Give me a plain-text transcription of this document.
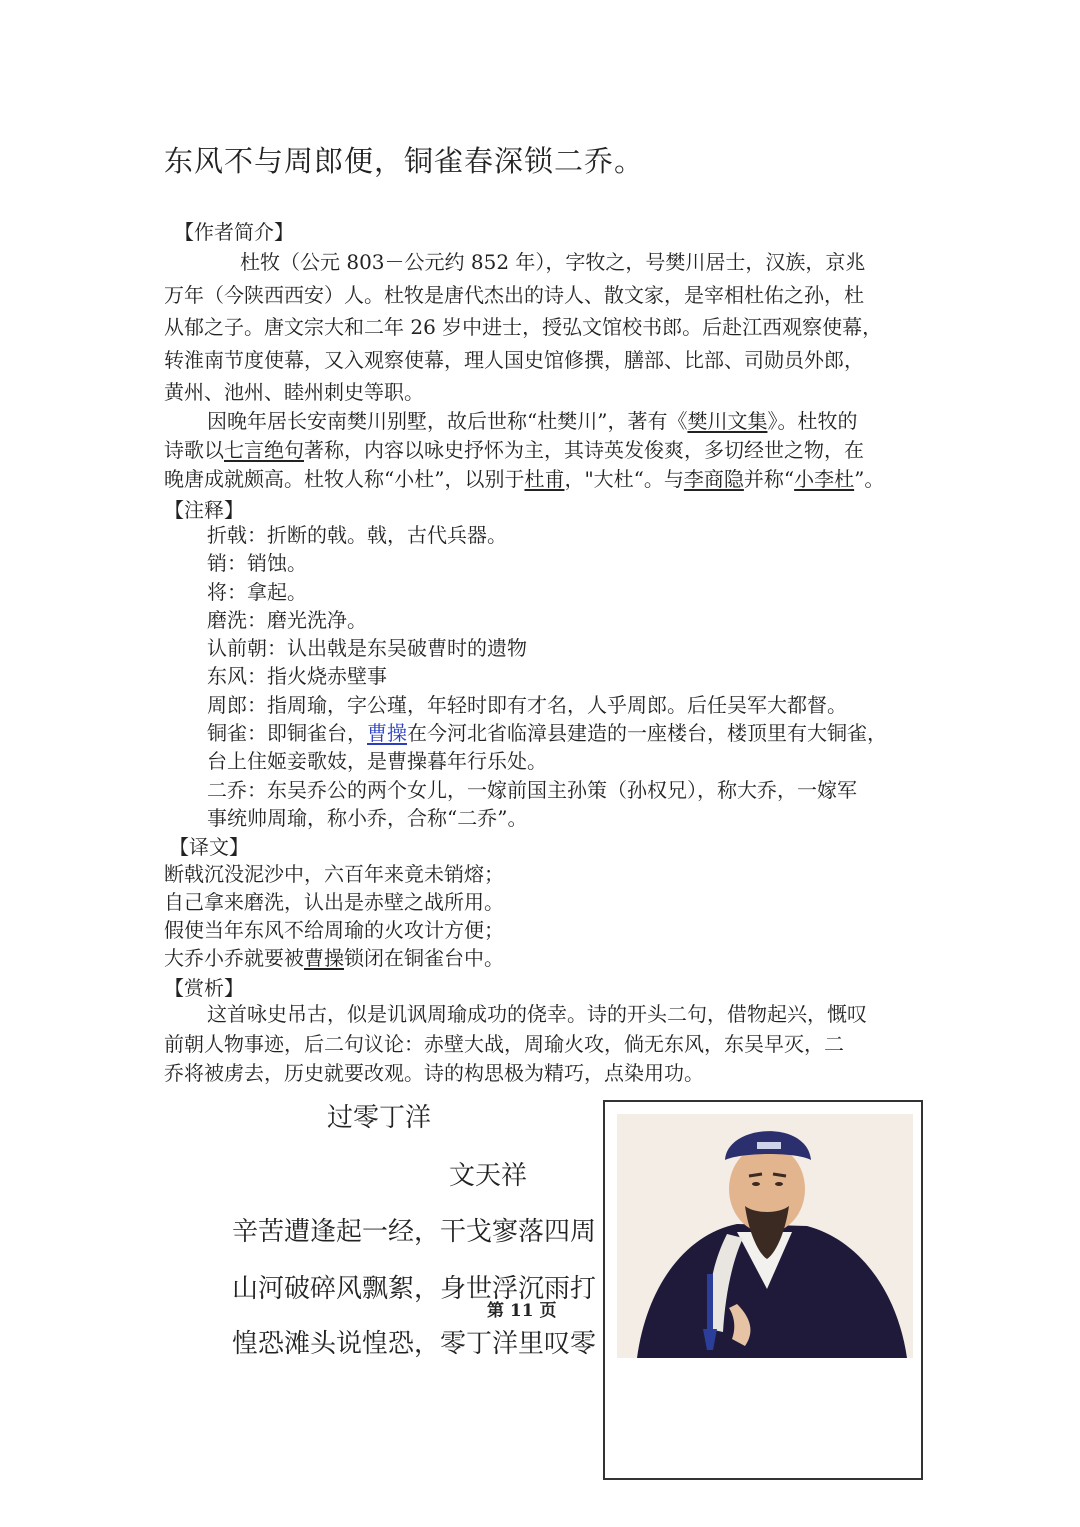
东风不与周郎便，铜雀春深锁二乔。
【作者简介】
杜牧（公元 803－公元约 852 年），字牧之，号樊川居士，汉族，京兆
万年（今陕西西安）人。杜牧是唐代杰出的诗人、散文家，是宰相杜佑之孙，杜
从郁之子。唐文宗大和二年 26 岁中进士，授弘文馆校书郎。后赴江西观察使幕，
转淮南节度使幕，又入观察使幕，理人国史馆修撰，膳部、比部、司勋员外郎，
黄州、池州、睦州刺史等职。
因晚年居长安南樊川别墅，故后世称“杜樊川”，著有《樊川文集》。杜牧的
诗歌以七言绝句著称，内容以咏史抒怀为主，其诗英发俊爽，多切经世之物，在
晚唐成就颇高。杜牧人称“小杜”，以别于杜甫，"大杜“。与李商隐并称“小李杜”。
【注释】
折戟：折断的戟。戟，古代兵器。
销：销蚀。
将：拿起。
磨洗：磨光洗净。
认前朝：认出戟是东吴破曹时的遗物
东风：指火烧赤壁事
周郎：指周瑜，字公瑾，年轻时即有才名，人乎周郎。后任吴军大都督。
铜雀：即铜雀台，曹操在今河北省临漳县建造的一座楼台，楼顶里有大铜雀，
台上住姬妾歌妓，是曹操暮年行乐处。
二乔：东吴乔公的两个女儿，一嫁前国主孙策（孙权兄），称大乔，一嫁军
事统帅周瑜，称小乔，合称“二乔”。
【译文】
断戟沉没泥沙中，六百年来竟未销熔；
自己拿来磨洗，认出是赤壁之战所用。
假使当年东风不给周瑜的火攻计方便；
大乔小乔就要被曹操锁闭在铜雀台中。
【赏析】
这首咏史吊古，似是讥讽周瑜成功的侥幸。诗的开头二句，借物起兴，慨叹
前朝人物事迹，后二句议论：赤壁大战，周瑜火攻，倘无东风，东吴早灭，二
乔将被虏去，历史就要改观。诗的构思极为精巧，点染用功。
过零丁洋
文天祥
辛苦遭逢起一经，干戈寥落四周
山河破碎风飘絮，身世浮沉雨打
惶恐滩头说惶恐，零丁洋里叹零
第 11 页
